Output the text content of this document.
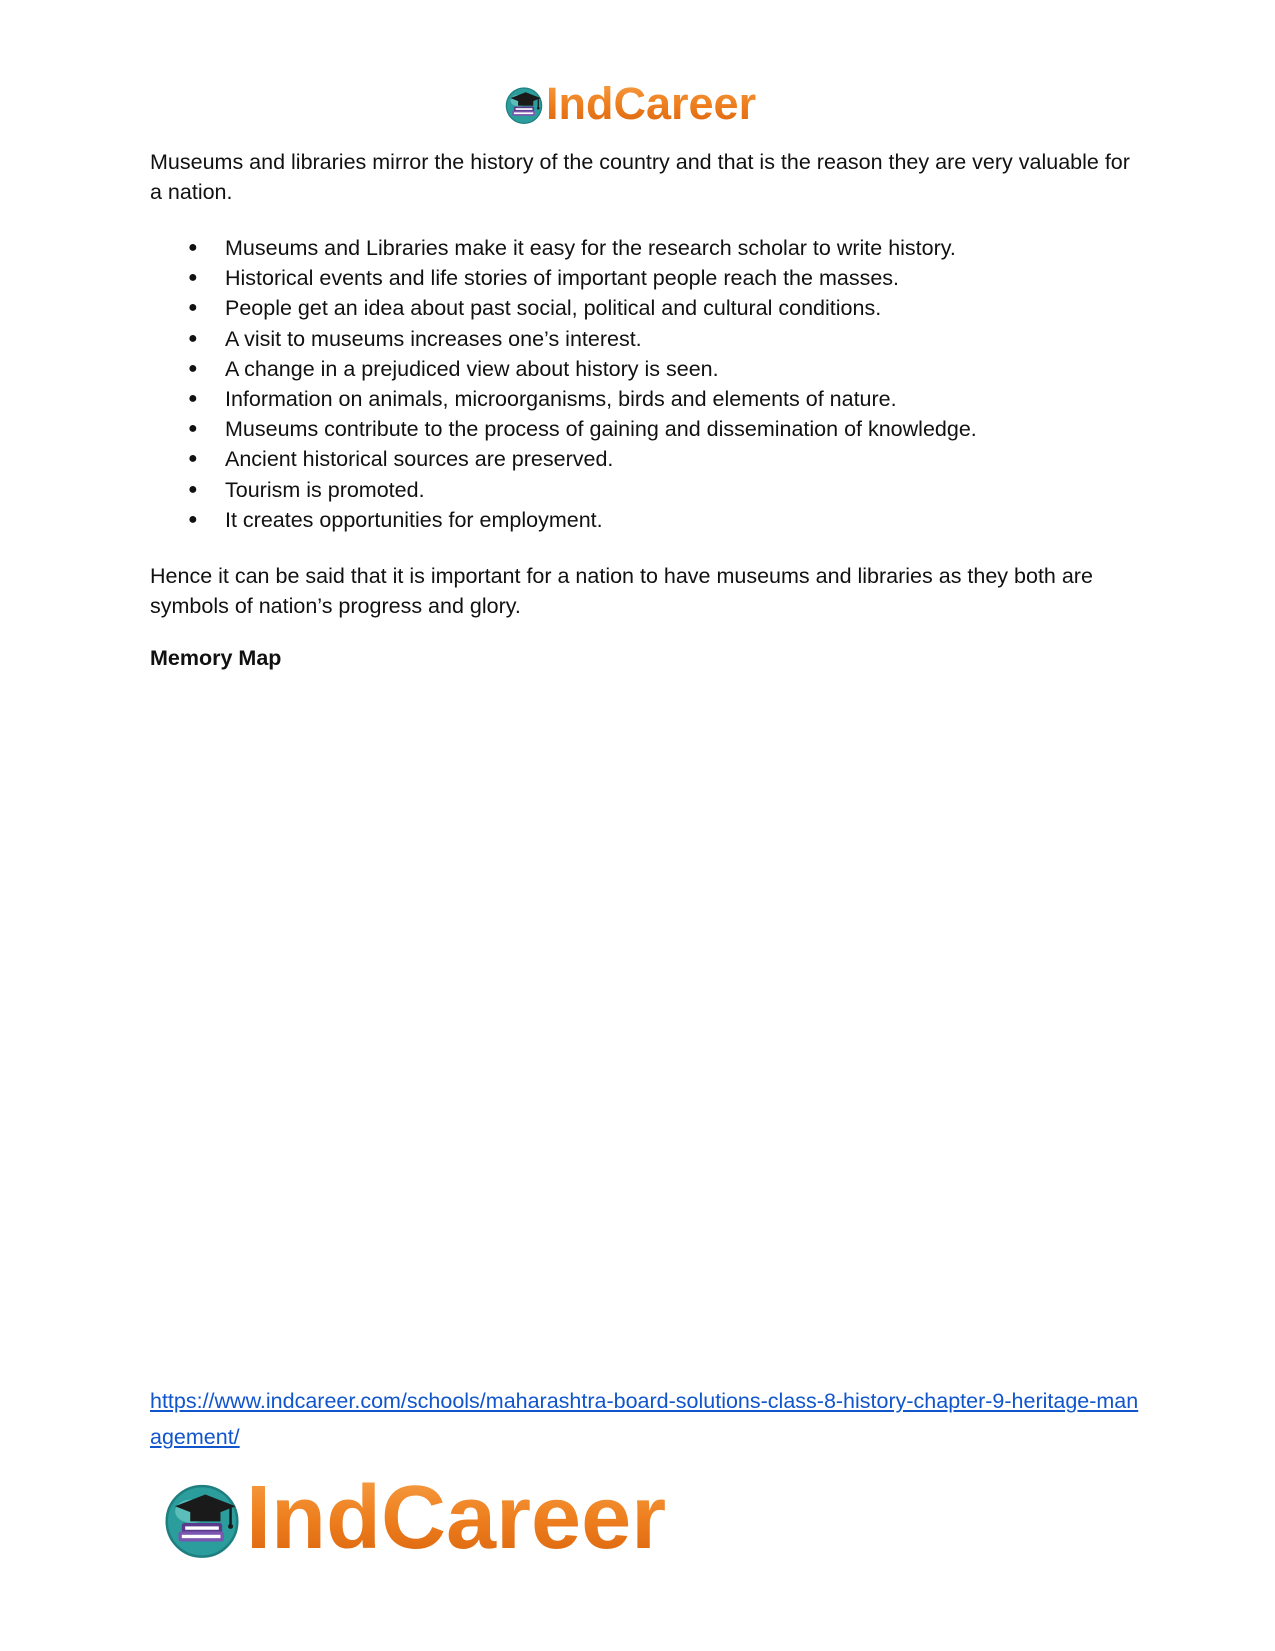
IndCareer

Museums and libraries mirror the history of the country and that is the reason they are very valuable for a nation.

● Museums and Libraries make it easy for the research scholar to write history.
● Historical events and life stories of important people reach the masses.
● People get an idea about past social, political and cultural conditions.
● A visit to museums increases one’s interest.
● A change in a prejudiced view about history is seen.
● Information on animals, microorganisms, birds and elements of nature.
● Museums contribute to the process of gaining and dissemination of knowledge.
● Ancient historical sources are preserved.
● Tourism is promoted.
● It creates opportunities for employment.

Hence it can be said that it is important for a nation to have museums and libraries as they both are symbols of nation’s progress and glory.

Memory Map

https://www.indcareer.com/schools/maharashtra-board-solutions-class-8-history-chapter-9-heritage-management/
IndCareer
